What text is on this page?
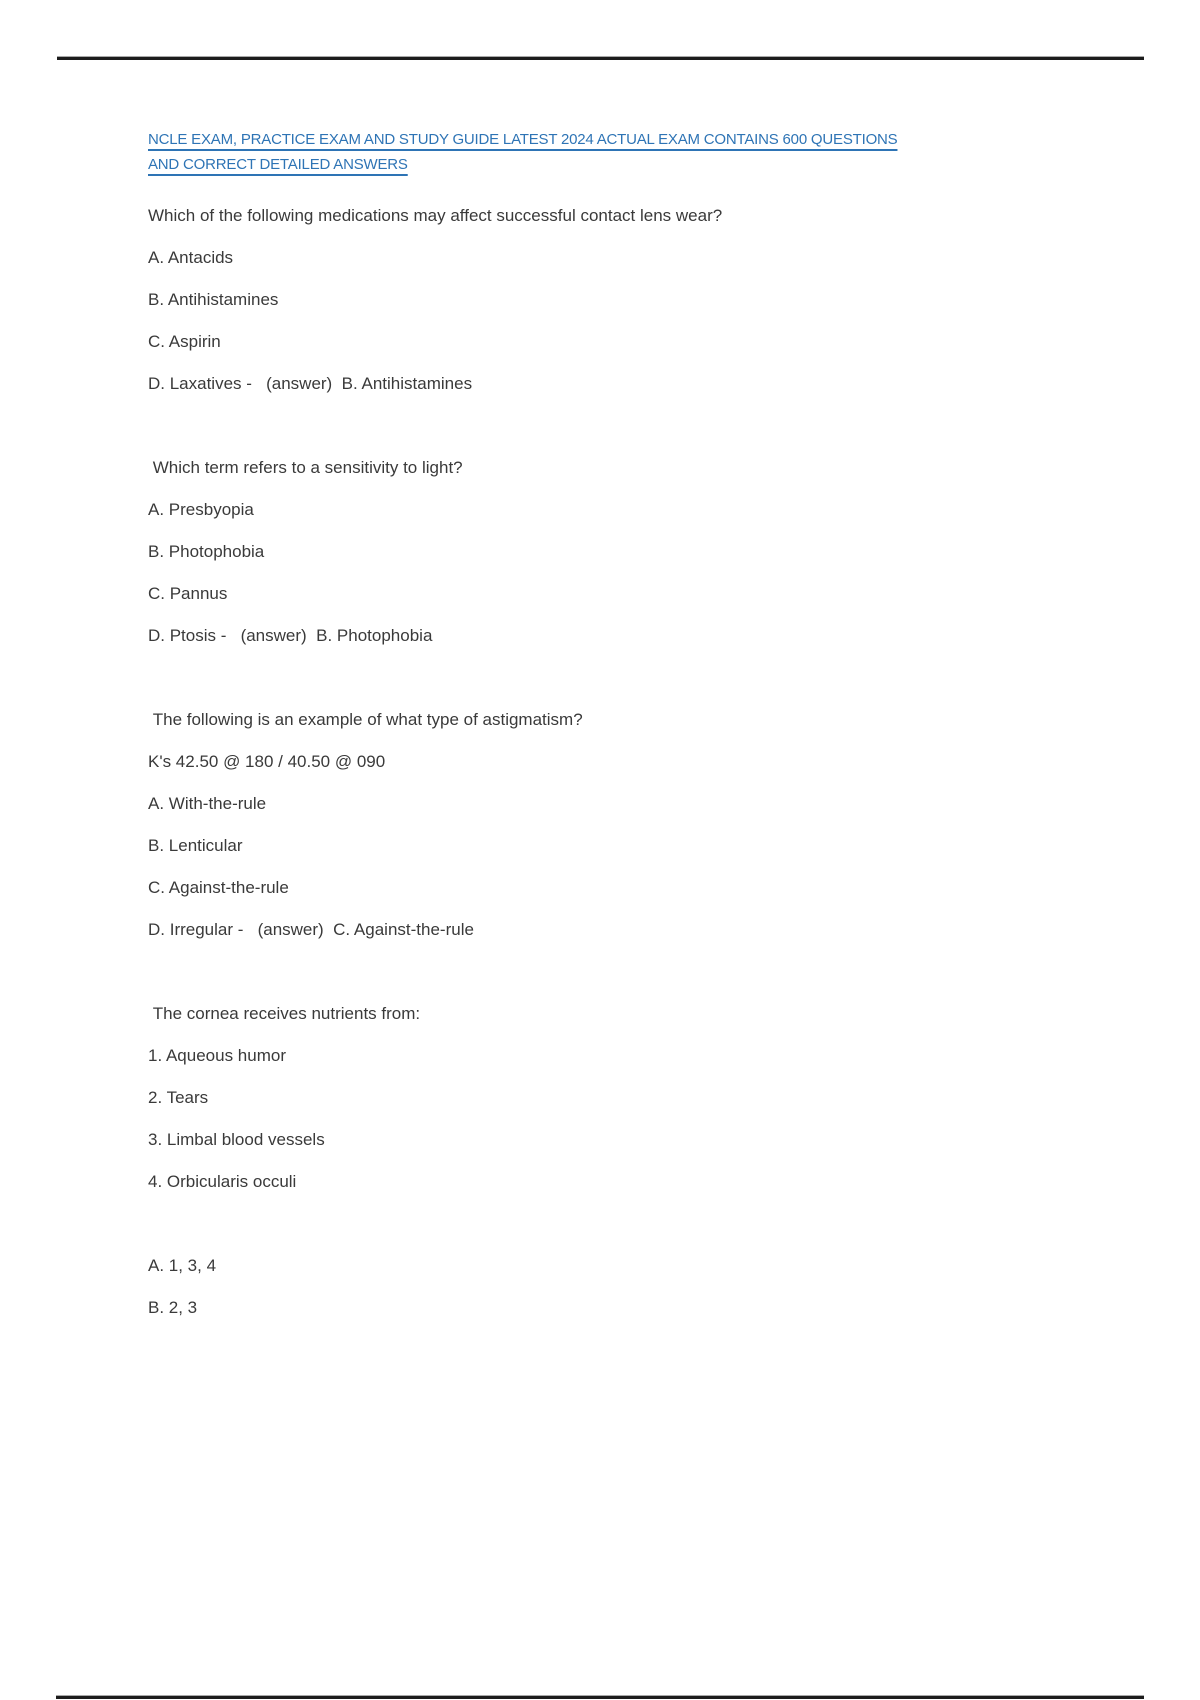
NCLE EXAM, PRACTICE EXAM AND STUDY GUIDE LATEST 2024 ACTUAL EXAM CONTAINS 600 QUESTIONS
AND CORRECT DETAILED ANSWERS
Which of the following medications may affect successful contact lens wear?
A. Antacids
B. Antihistamines
C. Aspirin
D. Laxatives -   (answer)  B. Antihistamines
Which term refers to a sensitivity to light?
A. Presbyopia
B. Photophobia
C. Pannus
D. Ptosis -   (answer)  B. Photophobia
The following is an example of what type of astigmatism?
K's 42.50 @ 180 / 40.50 @ 090
A. With-the-rule
B. Lenticular
C. Against-the-rule
D. Irregular -   (answer)  C. Against-the-rule
The cornea receives nutrients from:
1. Aqueous humor
2. Tears
3. Limbal blood vessels
4. Orbicularis occuli
A. 1, 3, 4
B. 2, 3
